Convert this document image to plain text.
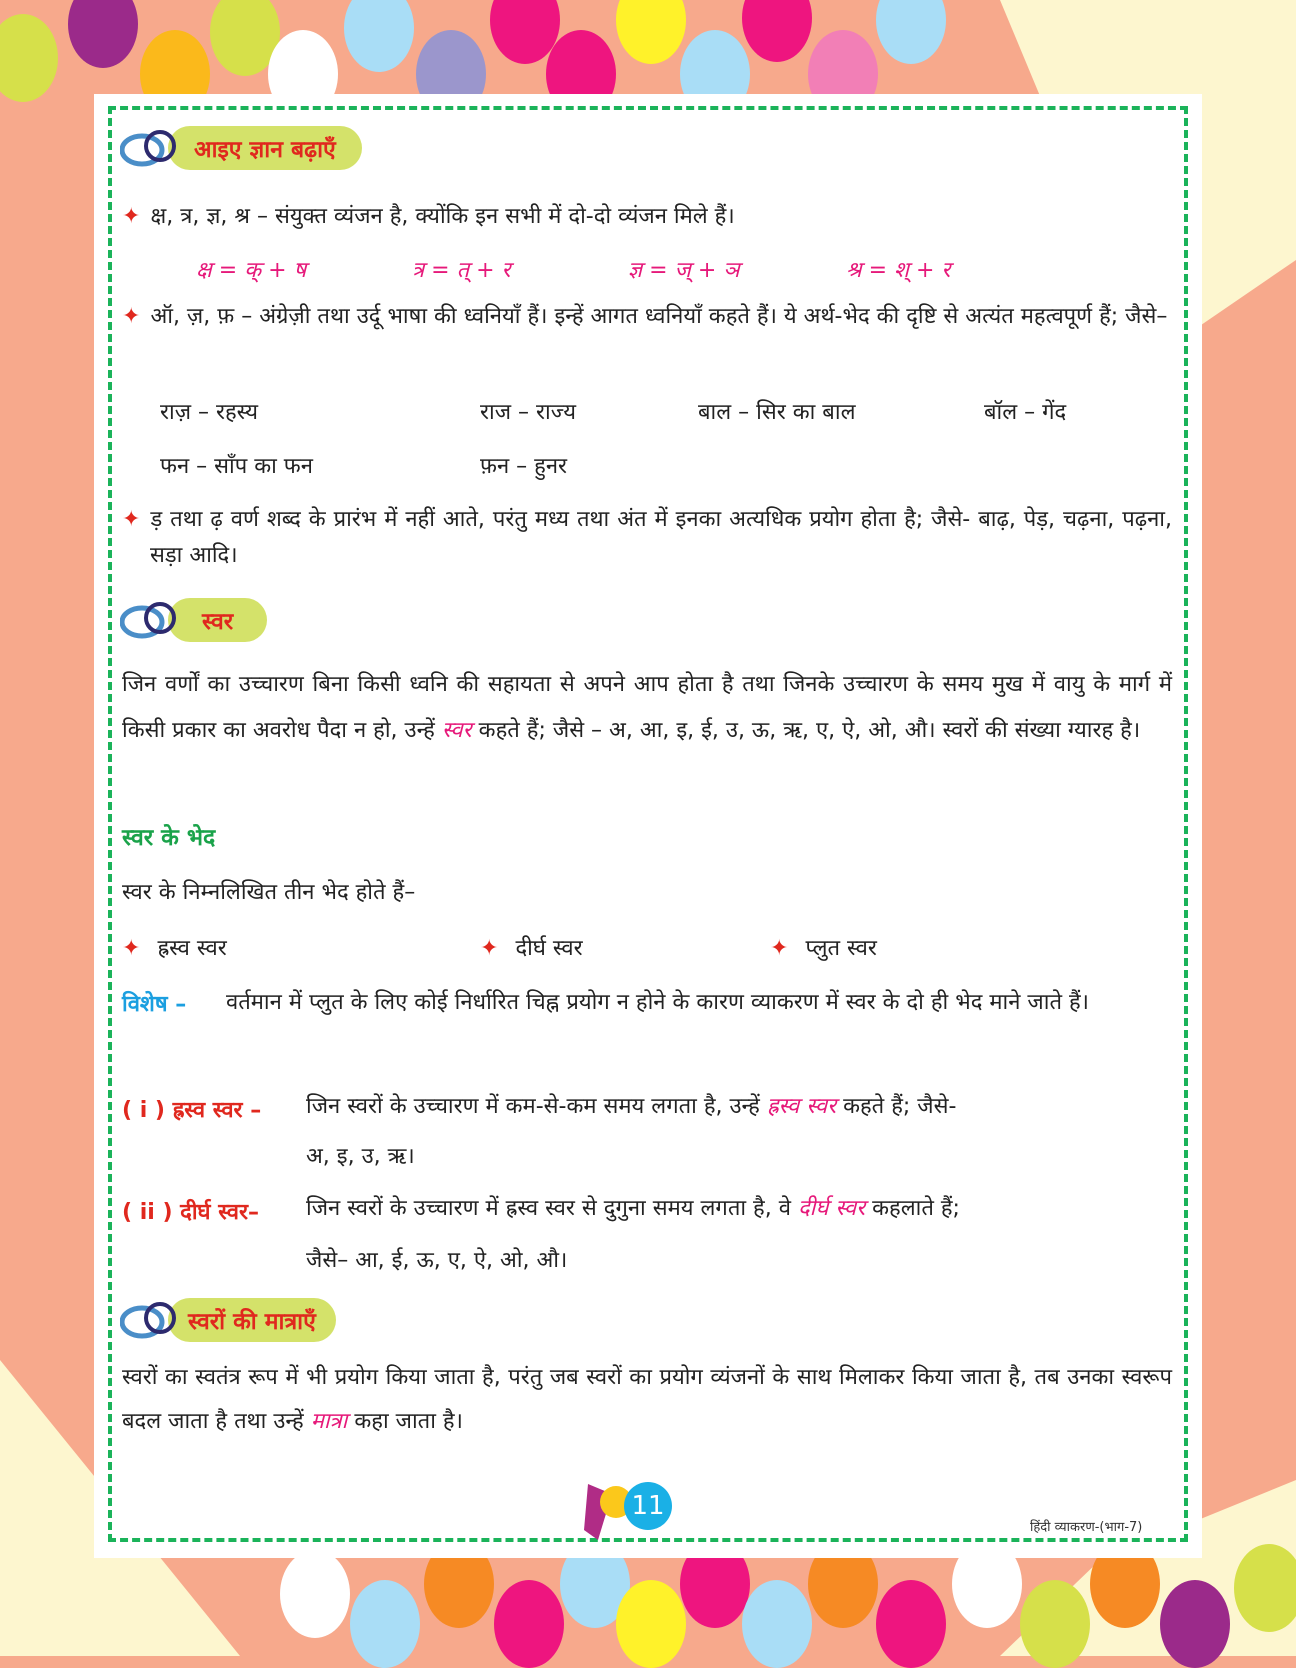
आइए ज्ञान बढ़ाएँ
✦ क्ष, त्र, ज्ञ, श्र – संयुक्त व्यंजन है, क्योंकि इन सभी में दो-दो व्यंजन मिले हैं।
क्ष = क् + ष	त्र = त् + र	ज्ञ = ज् + ञ	श्र = श् + र
✦ ऑ, ज़, फ़ – अंग्रेज़ी तथा उर्दू भाषा की ध्वनियाँ हैं। इन्हें आगत ध्वनियाँ कहते हैं। ये अर्थ-भेद की दृष्टि से अत्यंत महत्वपूर्ण हैं; जैसे–
राज़ – रहस्य	राज – राज्य	बाल – सिर का बाल	बॉल – गेंद
फन – साँप का फन	फ़न – हुनर
✦ ड़ तथा ढ़ वर्ण शब्द के प्रारंभ में नहीं आते, परंतु मध्य तथा अंत में इनका अत्यधिक प्रयोग होता है; जैसे- बाढ़, पेड़, चढ़ना, पढ़ना, सड़ा आदि।
स्वर
जिन वर्णों का उच्चारण बिना किसी ध्वनि की सहायता से अपने आप होता है तथा जिनके उच्चारण के समय मुख में वायु के मार्ग में किसी प्रकार का अवरोध पैदा न हो, उन्हें स्वर कहते हैं; जैसे – अ, आ, इ, ई, उ, ऊ, ऋ, ए, ऐ, ओ, औ। स्वरों की संख्या ग्यारह है।
स्वर के भेद
स्वर के निम्नलिखित तीन भेद होते हैं–
✦ ह्रस्व स्वर	✦ दीर्घ स्वर	✦ प्लुत स्वर
विशेष – वर्तमान में प्लुत के लिए कोई निर्धारित चिह्न प्रयोग न होने के कारण व्याकरण में स्वर के दो ही भेद माने जाते हैं।
( i ) ह्रस्व स्वर – जिन स्वरों के उच्चारण में कम-से-कम समय लगता है, उन्हें ह्रस्व स्वर कहते हैं; जैसे-
अ, इ, उ, ऋ।
( ii ) दीर्घ स्वर– जिन स्वरों के उच्चारण में ह्रस्व स्वर से दुगुना समय लगता है, वे दीर्घ स्वर कहलाते हैं;
जैसे– आ, ई, ऊ, ए, ऐ, ओ, औ।
स्वरों की मात्राएँ
स्वरों का स्वतंत्र रूप में भी प्रयोग किया जाता है, परंतु जब स्वरों का प्रयोग व्यंजनों के साथ मिलाकर किया जाता है, तब उनका स्वरूप बदल जाता है तथा उन्हें मात्रा कहा जाता है।
11
हिंदी व्याकरण-(भाग-7)
